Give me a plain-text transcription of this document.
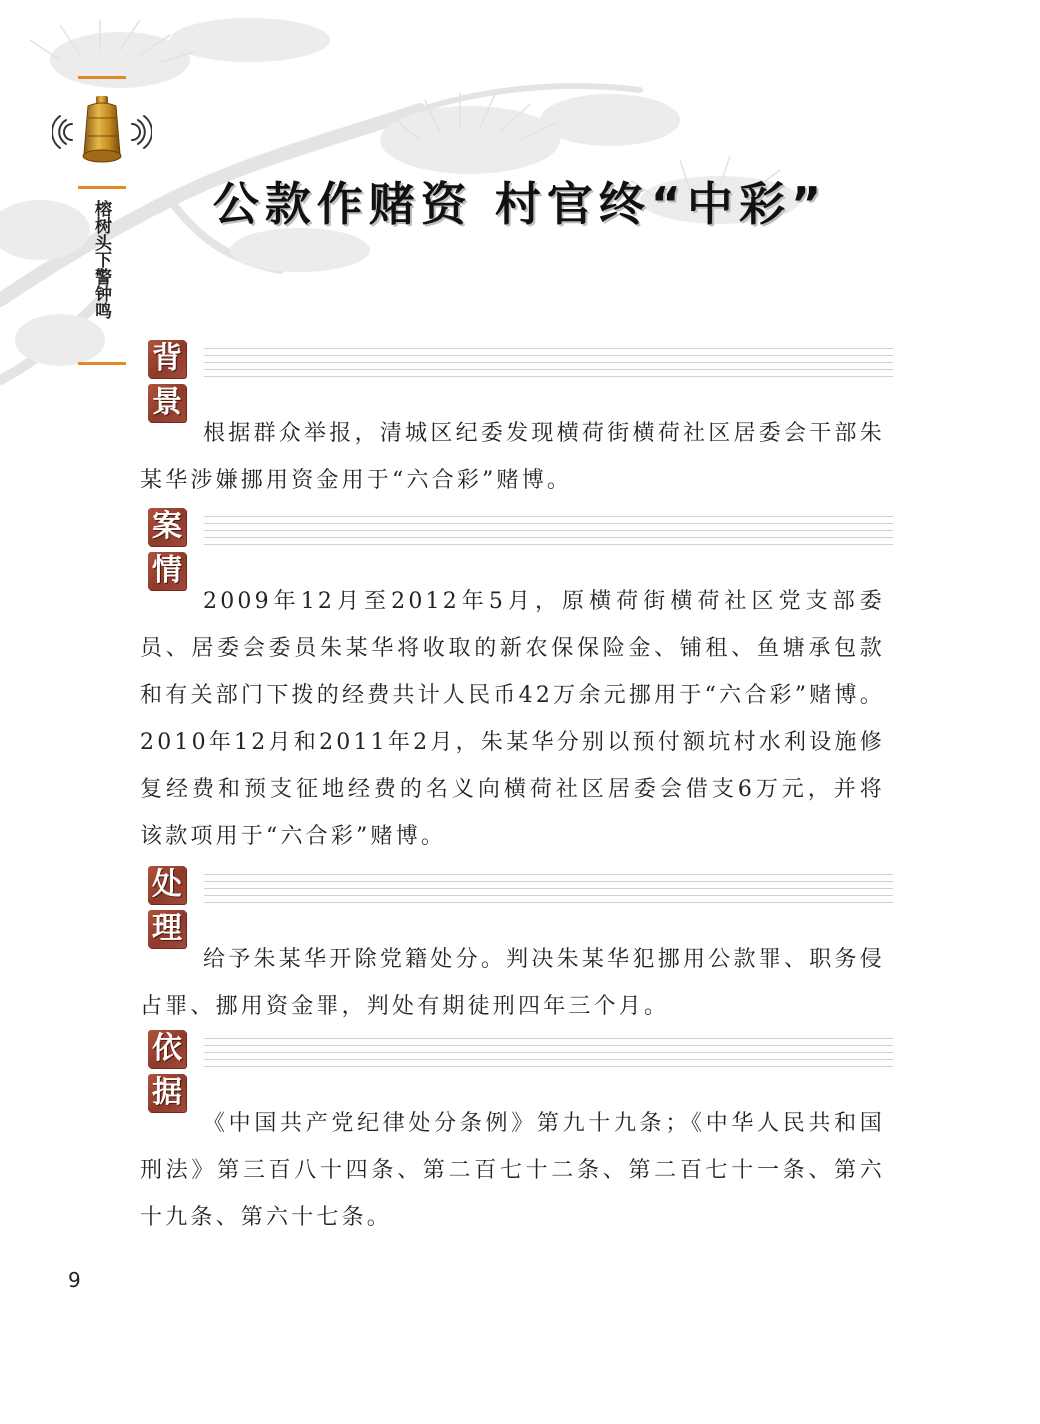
榕树头下警钟鸣	公款作赌资 村官终“中彩”
背
景
根据群众举报，清城区纪委发现横荷街横荷社区居委会干部朱某华涉嫌挪用资金用于“六合彩”赌博。
案
情
2009年12月至2012年5月，原横荷街横荷社区党支部委员、居委会委员朱某华将收取的新农保保险金、铺租、鱼塘承包款和有关部门下拨的经费共计人民币42万余元挪用于“六合彩”赌博。2010年12月和2011年2月，朱某华分别以预付额坑村水利设施修复经费和预支征地经费的名义向横荷社区居委会借支6万元，并将该款项用于“六合彩”赌博。
处
理
给予朱某华开除党籍处分。判决朱某华犯挪用公款罪、职务侵占罪、挪用资金罪，判处有期徒刑四年三个月。
依
据
《中国共产党纪律处分条例》第九十九条；《中华人民共和国刑法》第三百八十四条、第二百七十二条、第二百七十一条、第六十九条、第六十七条。
9
